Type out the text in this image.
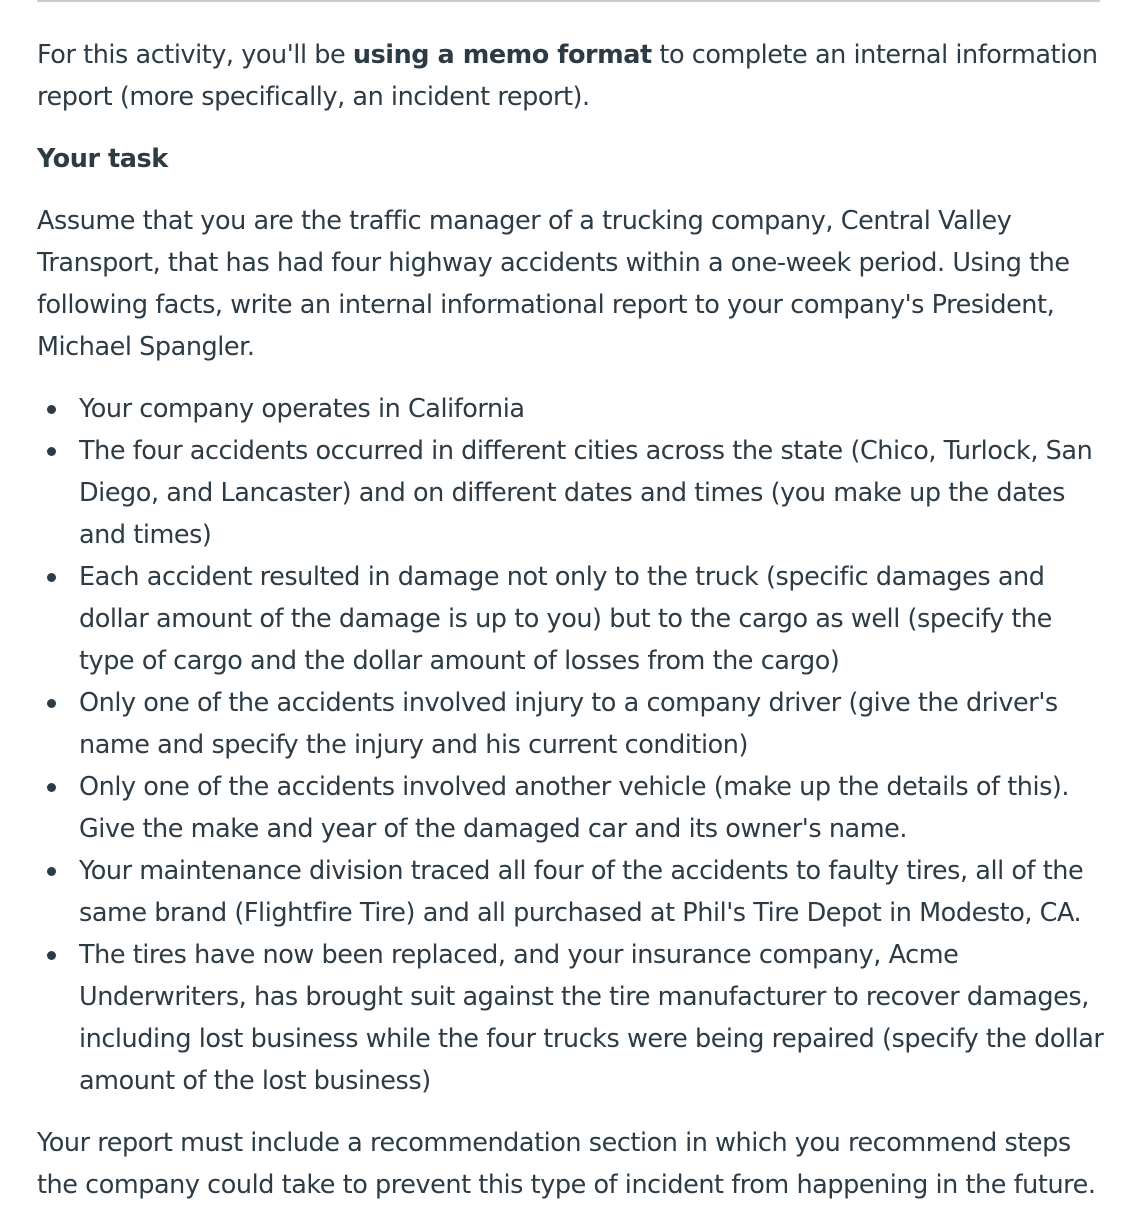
For this activity, you'll be using a memo format to complete an internal information report (more specifically, an incident report).

Your task

Assume that you are the traffic manager of a trucking company, Central Valley Transport, that has had four highway accidents within a one-week period. Using the following facts, write an internal informational report to your company's President, Michael Spangler.

Your company operates in California
The four accidents occurred in different cities across the state (Chico, Turlock, San Diego, and Lancaster) and on different dates and times (you make up the dates and times)
Each accident resulted in damage not only to the truck (specific damages and dollar amount of the damage is up to you) but to the cargo as well (specify the type of cargo and the dollar amount of losses from the cargo)
Only one of the accidents involved injury to a company driver (give the driver's name and specify the injury and his current condition)
Only one of the accidents involved another vehicle (make up the details of this). Give the make and year of the damaged car and its owner's name.
Your maintenance division traced all four of the accidents to faulty tires, all of the same brand (Flightfire Tire) and all purchased at Phil's Tire Depot in Modesto, CA.
The tires have now been replaced, and your insurance company, Acme Underwriters, has brought suit against the tire manufacturer to recover damages, including lost business while the four trucks were being repaired (specify the dollar amount of the lost business)

Your report must include a recommendation section in which you recommend steps the company could take to prevent this type of incident from happening in the future.
